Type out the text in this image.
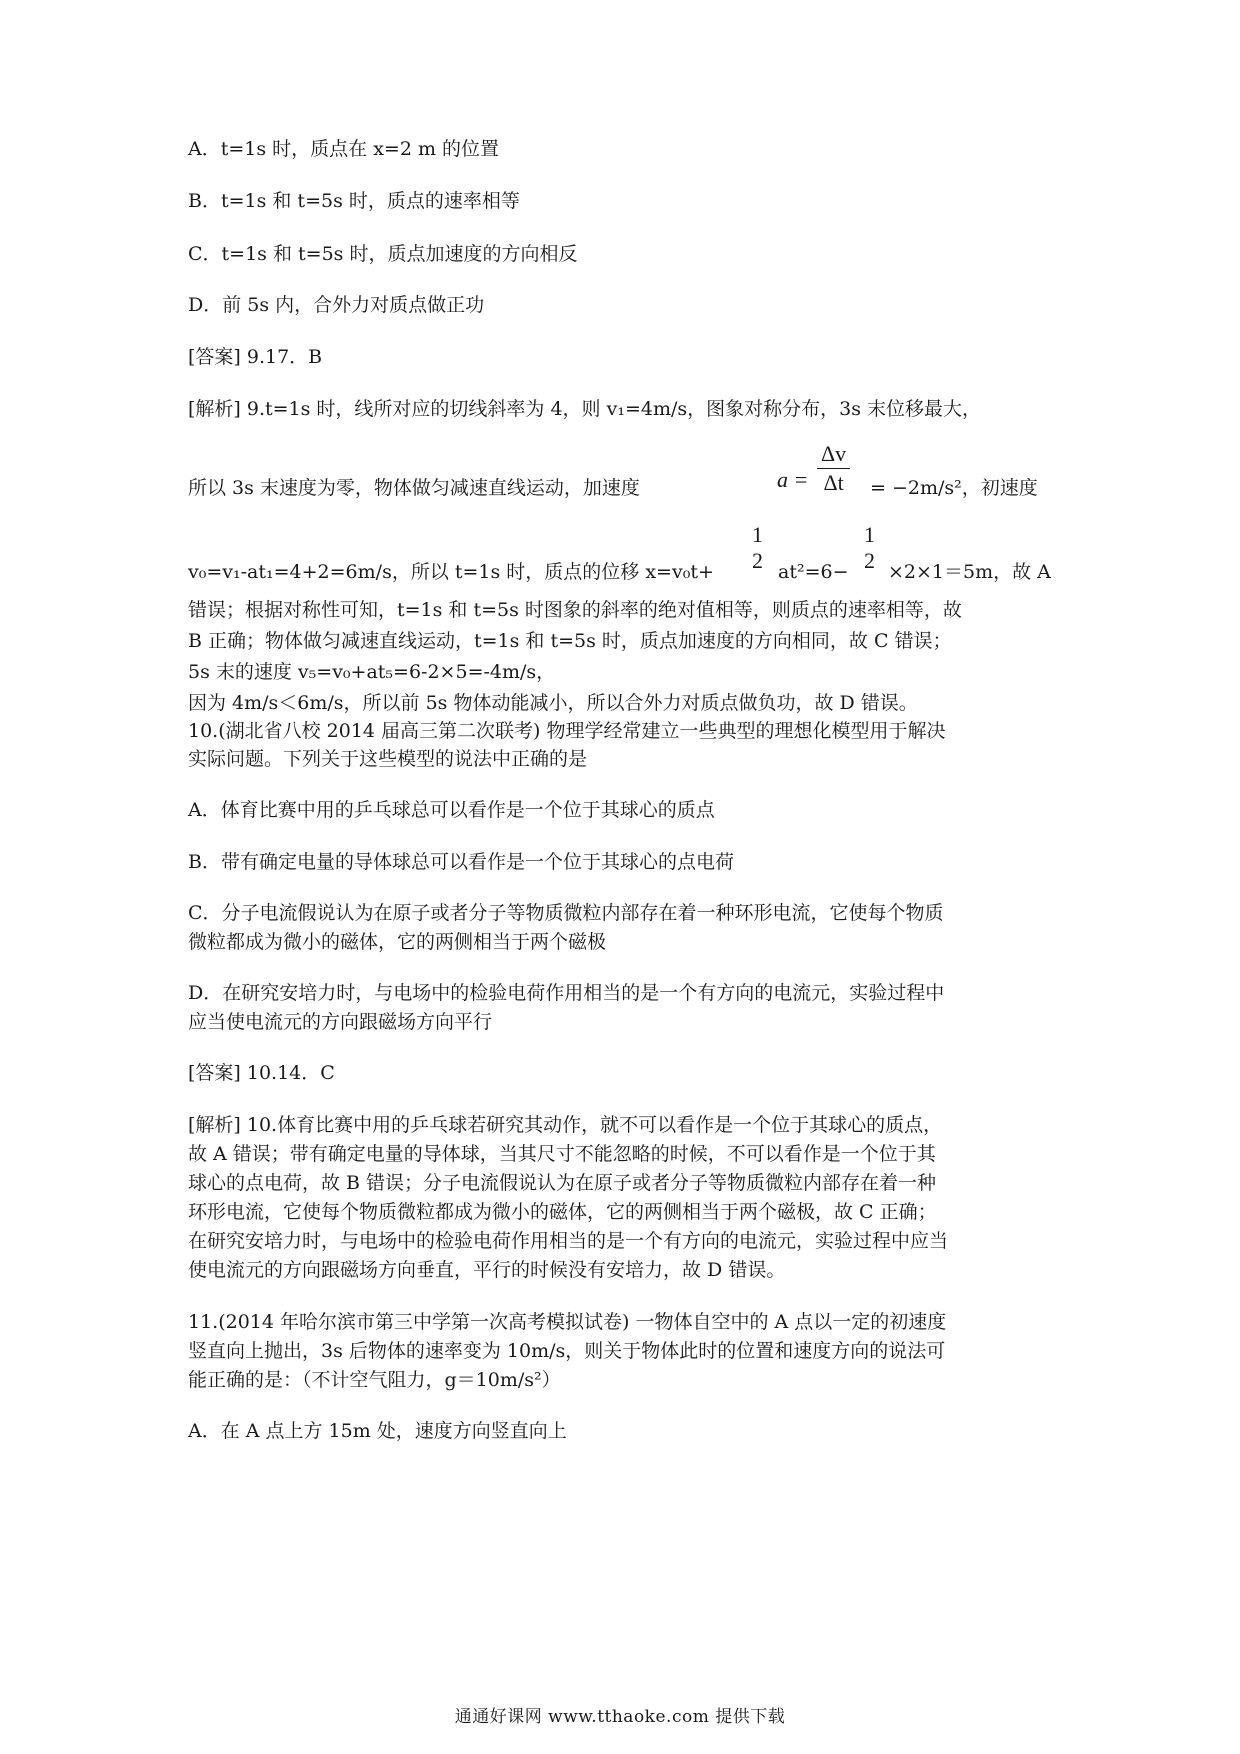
A．t=1s 时，质点在 x=2 m 的位置
B．t=1s 和 t=5s 时，质点的速率相等
C．t=1s 和 t=5s 时，质点加速度的方向相反
D．前 5s 内，合外力对质点做正功
[答案] 9.17．B
[解析] 9.t=1s 时，线所对应的切线斜率为 4，则 v₁=4m/s，图象对称分布，3s 末位移最大，
所以 3s 末速度为零，物体做匀减速直线运动，加速度	$a = \frac{\Delta v}{\Delta t} = -2m/s^2$，初速度
v₀=v₁-at₁=4+2=6m/s，所以 t=1s 时，质点的位移 x=v₀t+
1
2 at²=6−
1
2 ×2×1＝5m，故 A
错误；根据对称性可知，t=1s 和 t=5s 时图象的斜率的绝对值相等，则质点的速率相等，故
B 正确；物体做匀减速直线运动，t=1s 和 t=5s 时，质点加速度的方向相同，故 C 错误；
5s 末的速度 v₅=v₀+at₅=6-2×5=-4m/s，
因为 4m/s＜6m/s，所以前 5s 物体动能减小，所以合外力对质点做负功，故 D 错误。
10.(湖北省八校 2014 届高三第二次联考) 物理学经常建立一些典型的理想化模型用于解决
实际问题。下列关于这些模型的说法中正确的是
A．体育比赛中用的乒乓球总可以看作是一个位于其球心的质点
B．带有确定电量的导体球总可以看作是一个位于其球心的点电荷
C．分子电流假说认为在原子或者分子等物质微粒内部存在着一种环形电流，它使每个物质
微粒都成为微小的磁体，它的两侧相当于两个磁极
D．在研究安培力时，与电场中的检验电荷作用相当的是一个有方向的电流元，实验过程中
应当使电流元的方向跟磁场方向平行
[答案] 10.14．C
[解析] 10.体育比赛中用的乒乓球若研究其动作，就不可以看作是一个位于其球心的质点，
故 A 错误；带有确定电量的导体球，当其尺寸不能忽略的时候，不可以看作是一个位于其
球心的点电荷，故 B 错误；分子电流假说认为在原子或者分子等物质微粒内部存在着一种
环形电流，它使每个物质微粒都成为微小的磁体，它的两侧相当于两个磁极，故 C 正确；
在研究安培力时，与电场中的检验电荷作用相当的是一个有方向的电流元，实验过程中应当
使电流元的方向跟磁场方向垂直，平行的时候没有安培力，故 D 错误。
11.(2014 年哈尔滨市第三中学第一次高考模拟试卷) 一物体自空中的 A 点以一定的初速度
竖直向上抛出，3s 后物体的速率变为 10m/s，则关于物体此时的位置和速度方向的说法可
能正确的是：（不计空气阻力，g＝10m/s²）
A．在 A 点上方 15m 处，速度方向竖直向上
通通好课网 www.tthaoke.com 提供下载
